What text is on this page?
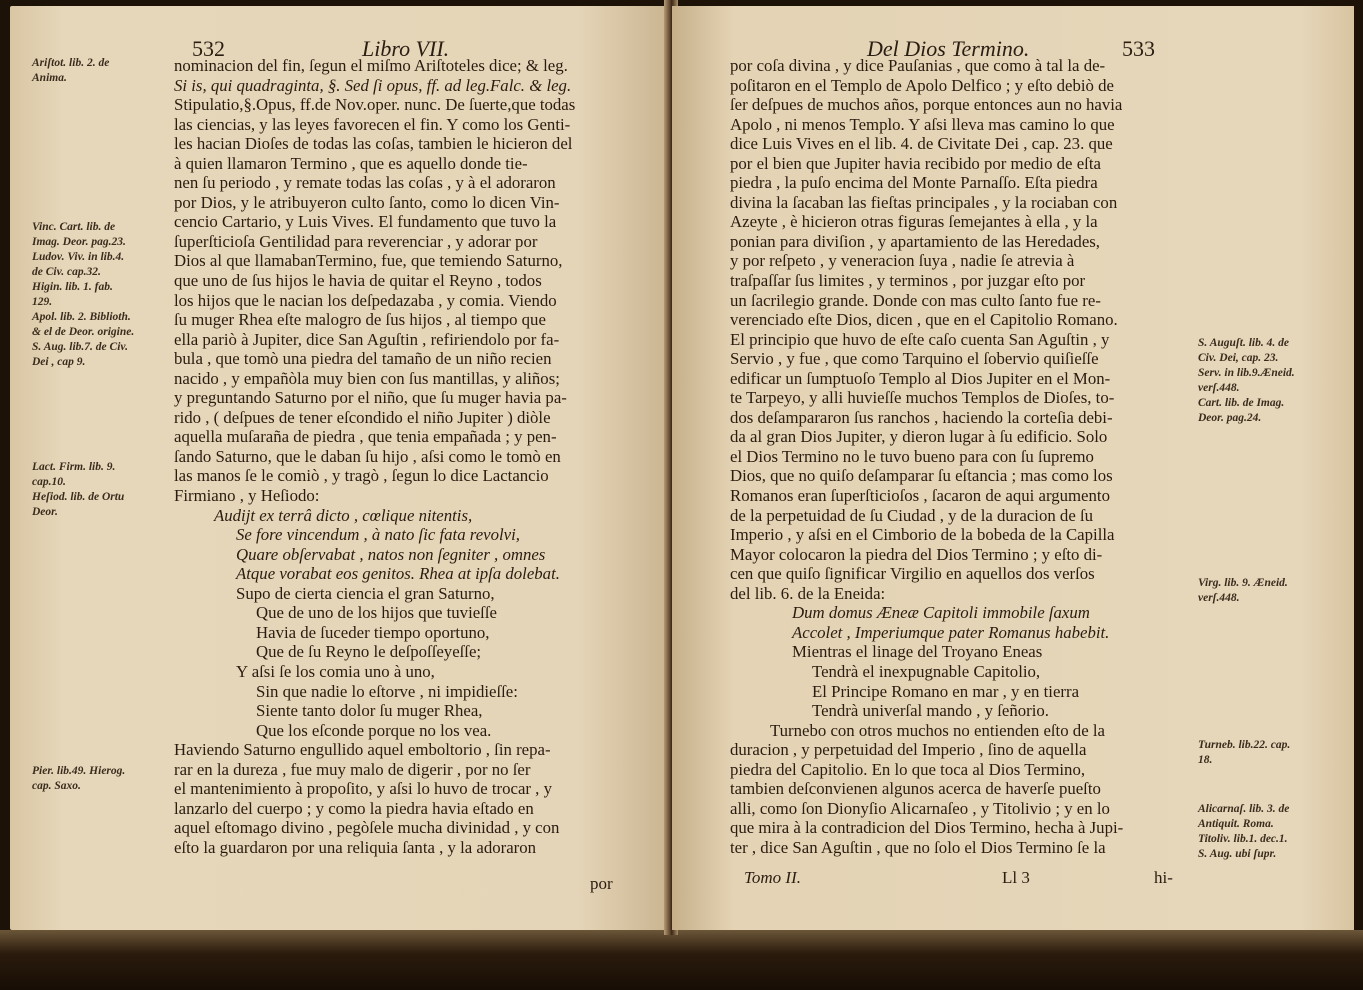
532	Libro VII.

Ariſtot. lib. 2. de
Anima.

Vinc. Cart. lib. de
Imag. Deor. pag.23.
Ludov. Viv. in lib.4.
de Civ. cap.32.
Higin. lib. 1. fab.
129.
Apol. lib. 2. Biblioth.
& el de Deor. origine.
S. Aug. lib.7. de Civ.
Dei , cap 9.

Lact. Firm. lib. 9.
cap.10.
Heſiod. lib. de Ortu
Deor.

Pier. lib.49. Hierog.
cap. Saxo.

nominacion del fin, ſegun el miſmo Ariſtoteles dice; & leg.
Si is, qui quadraginta, §. Sed ſi opus, ff. ad leg.Falc. & leg.
Stipulatio,§.Opus, ff.de Nov.oper. nunc. De ſuerte,que todas
las ciencias, y las leyes favorecen el fin. Y como los Genti-
les hacian Dioſes de todas las coſas, tambien le hicieron del
à quien llamaron Termino , que es aquello donde tie-
nen ſu periodo , y remate todas las coſas , y à el adoraron
por Dios, y le atribuyeron culto ſanto, como lo dicen Vin-
cencio Cartario, y Luis Vives. El fundamento que tuvo la
ſuperſticioſa Gentilidad para reverenciar , y adorar por
Dios al que llamabanTermino, fue, que temiendo Saturno,
que uno de ſus hijos le havia de quitar el Reyno , todos
los hijos que le nacian los deſpedazaba , y comia. Viendo
ſu muger Rhea eſte malogro de ſus hijos , al tiempo que
ella pariò à Jupiter, dice San Aguſtin , refiriendolo por fa-
bula , que tomò una piedra del tamaño de un niño recien
nacido , y empañòla muy bien con ſus mantillas, y aliños;
y preguntando Saturno por el niño, que ſu muger havia pa-
rido , ( deſpues de tener eſcondido el niño Jupiter ) diòle
aquella muſaraña de piedra , que tenia empañada ; y pen-
ſando Saturno, que le daban ſu hijo , aſsi como le tomò en
las manos ſe le comiò , y tragò , ſegun lo dice Lactancio
Firmiano , y Heſiodo:
Audijt ex terrâ dicto , cœlique nitentis,
Se fore vincendum , à nato ſic fata revolvi,
Quare obſervabat , natos non ſegniter , omnes
Atque vorabat eos genitos. Rhea at ipſa dolebat.
Supo de cierta ciencia el gran Saturno,
Que de uno de los hijos que tuvieſſe
Havia de ſuceder tiempo oportuno,
Que de ſu Reyno le deſpoſſeyeſſe;
Y aſsi ſe los comia uno à uno,
Sin que nadie lo eſtorve , ni impidieſſe:
Siente tanto dolor ſu muger Rhea,
Que los eſconde porque no los vea.
Haviendo Saturno engullido aquel emboltorio , ſin repa-
rar en la dureza , fue muy malo de digerir , por no ſer
el mantenimiento à propoſito, y aſsi lo huvo de trocar , y
lanzarlo del cuerpo ; y como la piedra havia eſtado en
aquel eſtomago divino , pegòſele mucha divinidad , y con
eſto la guardaron por una reliquia ſanta , y la adoraron
por
Del Dios Termino.	533
por coſa divina , y dice Pauſanias , que como à tal la de-
poſitaron en el Templo de Apolo Delfico ; y eſto debiò de
ſer deſpues de muchos años, porque entonces aun no havia
Apolo , ni menos Templo. Y aſsi lleva mas camino lo que
dice Luis Vives en el lib. 4. de Civitate Dei , cap. 23. que
por el bien que Jupiter havia recibido por medio de eſta
piedra , la puſo encima del Monte Parnaſſo. Eſta piedra
divina la ſacaban las fieſtas principales , y la rociaban con
Azeyte , è hicieron otras figuras ſemejantes à ella , y la
ponian para diviſion , y apartamiento de las Heredades,
y por reſpeto , y veneracion ſuya , nadie ſe atrevia à
traſpaſſar ſus limites , y terminos , por juzgar eſto por
un ſacrilegio grande. Donde con mas culto ſanto fue re-
verenciado eſte Dios, dicen , que en el Capitolio Romano.
El principio que huvo de eſte caſo cuenta San Aguſtin , y
Servio , y fue , que como Tarquino el ſobervio quiſieſſe
edificar un ſumptuoſo Templo al Dios Jupiter en el Mon-
te Tarpeyo, y alli huvieſſe muchos Templos de Dioſes, to-
dos deſampararon ſus ranchos , haciendo la corteſia debi-
da al gran Dios Jupiter, y dieron lugar à ſu edificio. Solo
el Dios Termino no le tuvo bueno para con ſu ſupremo
Dios, que no quiſo deſamparar ſu eſtancia ; mas como los
Romanos eran ſuperſticioſos , ſacaron de aqui argumento
de la perpetuidad de ſu Ciudad , y de la duracion de ſu
Imperio , y aſsi en el Cimborio de la bobeda de la Capilla
Mayor colocaron la piedra del Dios Termino ; y eſto di-
cen que quiſo ſignificar Virgilio en aquellos dos verſos
del lib. 6. de la Eneida:
Dum domus Æneæ Capitoli immobile ſaxum
Accolet , Imperiumque pater Romanus habebit.
Mientras el linage del Troyano Eneas
Tendrà el inexpugnable Capitolio,
El Principe Romano en mar , y en tierra
Tendrà univerſal mando , y ſeñorio.
Turnebo con otros muchos no entienden eſto de la
duracion , y perpetuidad del Imperio , ſino de aquella
piedra del Capitolio. En lo que toca al Dios Termino,
tambien deſconvienen algunos acerca de haverſe pueſto
alli, como ſon Dionyſio Alicarnaſeo , y Titolivio ; y en lo
que mira à la contradicion del Dios Termino, hecha à Jupi-
ter , dice San Aguſtin , que no ſolo el Dios Termino ſe la

S. Auguſt. lib. 4. de
Civ. Dei, cap. 23.
Serv. in lib.9.Æneid.
verſ.448.
Cart. lib. de Imag.
Deor. pag.24.

Virg. lib. 9. Æneid.
verſ.448.

Turneb. lib.22. cap.
18.

Alicarnaſ. lib. 3. de
Antiquit. Roma.
Titoliv. lib.1. dec.1.
S. Aug. ubi ſupr.

Tomo II.	Ll 3	hi-
